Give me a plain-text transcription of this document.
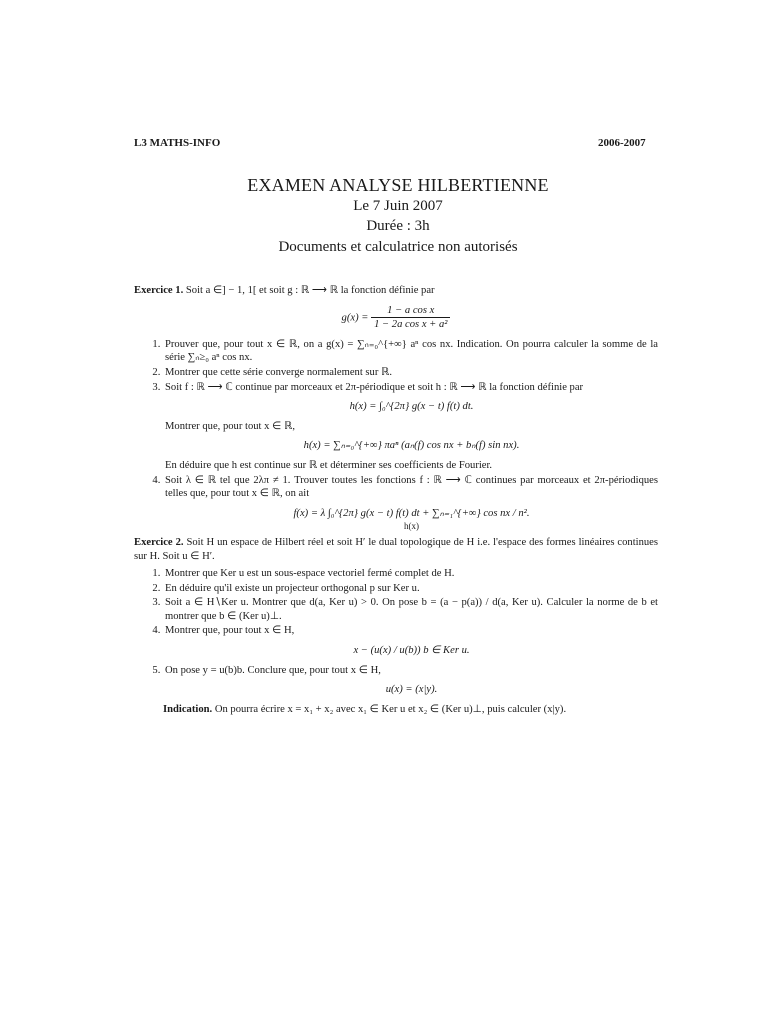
L3 MATHS-INFO	2006-2007
EXAMEN ANALYSE HILBERTIENNE
Le 7 Juin 2007
Durée : 3h
Documents et calculatrice non autorisés

Exercice 1. Soit a ∈] − 1, 1[ et soit g : ℝ ⟶ ℝ la fonction définie par

$g(x) = \frac{\text{1 − a cos x}}{\text{1 − 2a cos x + a²}}$
1. Prouver que, pour tout x ∈ ℝ, on a g(x) = ∑ₙ₌₀^{+∞} aⁿ cos nx. Indication. On pourra calculer la somme de la série ∑ₙ≥₀ aⁿ cos nx.
2. Montrer que cette série converge normalement sur ℝ.
3. Soit f : ℝ ⟶ ℂ continue par morceaux et 2π-périodique et soit h : ℝ ⟶ ℝ la fonction définie par
h(x) = ∫₀^{2π} g(x − t) f(t) dt.
Montrer que, pour tout x ∈ ℝ,
h(x) = ∑ₙ₌₀^{+∞} πaⁿ (aₙ(f) cos nx + bₙ(f) sin nx).
En déduire que h est continue sur ℝ et déterminer ses coefficients de Fourier.
4. Soit λ ∈ ℝ tel que 2λπ ≠ 1. Trouver toutes les fonctions f : ℝ ⟶ ℂ continues par morceaux et 2π-périodiques telles que, pour tout x ∈ ℝ, on ait
f(x) = λ ∫₀^{2π} g(x − t) f(t) dt + ∑ₙ₌₁^{+∞} cos nx / n².
h(x)

Exercice 2. Soit H un espace de Hilbert réel et soit H′ le dual topologique de H i.e. l'espace des formes linéaires continues sur H. Soit u ∈ H′.

1. Montrer que Ker u est un sous-espace vectoriel fermé complet de H.
2. En déduire qu'il existe un projecteur orthogonal p sur Ker u.
3. Soit a ∈ H∖Ker u. Montrer que d(a, Ker u) > 0. On pose b = (a − p(a)) / d(a, Ker u). Calculer la norme de b et montrer que b ∈ (Ker u)⊥.
4. Montrer que, pour tout x ∈ H,
x − (u(x) / u(b)) b ∈ Ker u.
5. On pose y = u(b)b. Conclure que, pour tout x ∈ H,
u(x) = (x|y).
Indication. On pourra écrire x = x₁ + x₂ avec x₁ ∈ Ker u et x₂ ∈ (Ker u)⊥, puis calculer (x|y).
